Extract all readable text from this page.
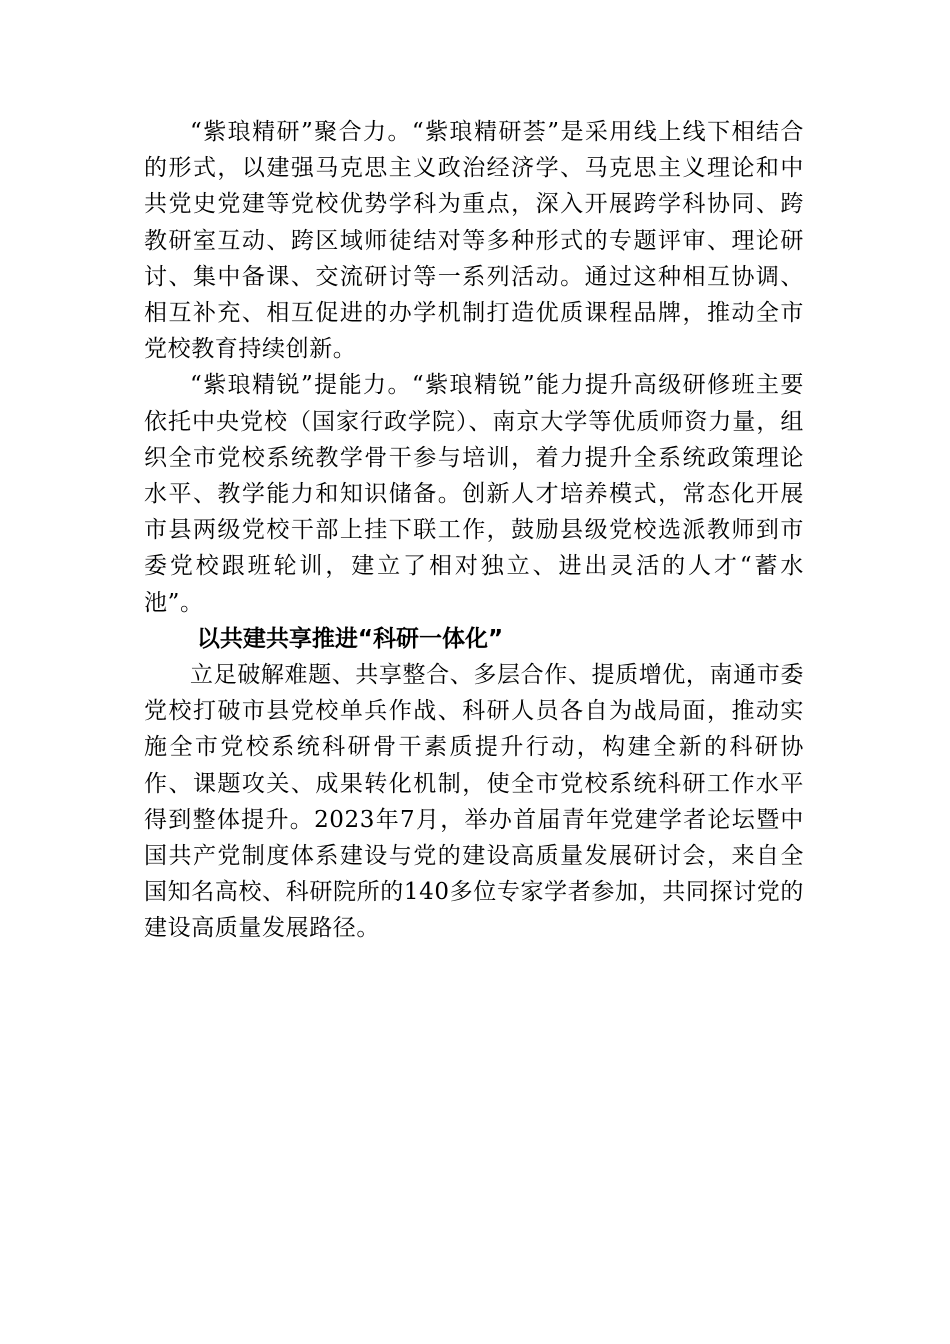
“紫琅精研”聚合力。“紫琅精研荟”是采用线上线下相结合的形式，以建强马克思主义政治经济学、马克思主义理论和中共党史党建等党校优势学科为重点，深入开展跨学科协同、跨教研室互动、跨区域师徒结对等多种形式的专题评审、理论研讨、集中备课、交流研讨等一系列活动。通过这种相互协调、相互补充、相互促进的办学机制打造优质课程品牌，推动全市党校教育持续创新。

“紫琅精锐”提能力。“紫琅精锐”能力提升高级研修班主要依托中央党校（国家行政学院）、南京大学等优质师资力量，组织全市党校系统教学骨干参与培训，着力提升全系统政策理论水平、教学能力和知识储备。创新人才培养模式，常态化开展市县两级党校干部上挂下联工作，鼓励县级党校选派教师到市委党校跟班轮训，建立了相对独立、进出灵活的人才“蓄水池”。

以共建共享推进“科研一体化”

立足破解难题、共享整合、多层合作、提质增优，南通市委党校打破市县党校单兵作战、科研人员各自为战局面，推动实施全市党校系统科研骨干素质提升行动，构建全新的科研协作、课题攻关、成果转化机制，使全市党校系统科研工作水平得到整体提升。2023年7月，举办首届青年党建学者论坛暨中国共产党制度体系建设与党的建设高质量发展研讨会，来自全国知名高校、科研院所的140多位专家学者参加，共同探讨党的建设高质量发展路径。
